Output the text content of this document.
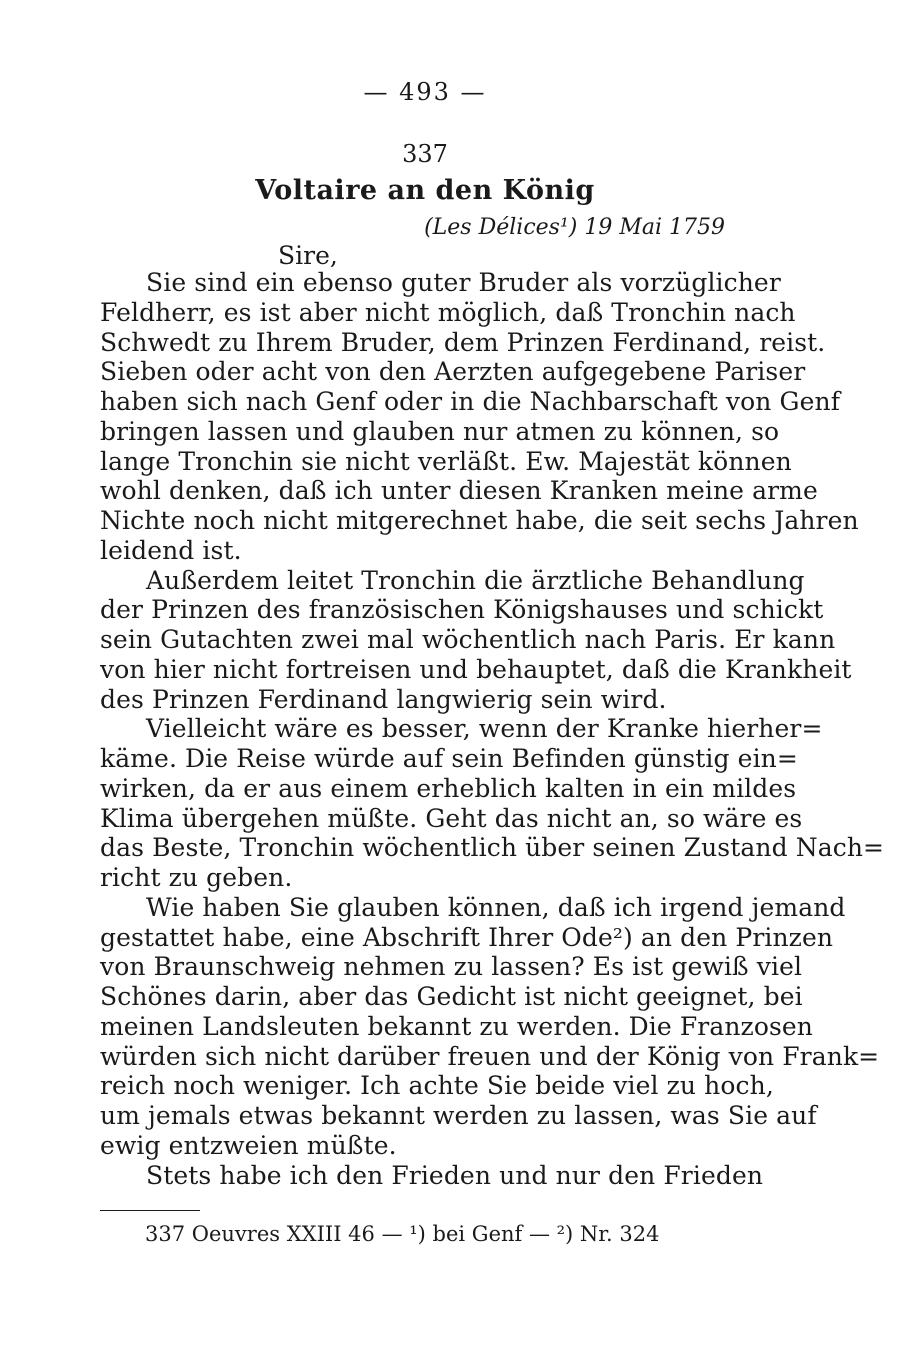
— 493 —
337
Voltaire an den König
(Les Délices¹) 19 Mai 1759
Sire,
Sie sind ein ebenso guter Bruder als vorzüglicher
Feldherr, es ist aber nicht möglich, daß Tronchin nach
Schwedt zu Ihrem Bruder, dem Prinzen Ferdinand, reist.
Sieben oder acht von den Aerzten aufgegebene Pariser
haben sich nach Genf oder in die Nachbarschaft von Genf
bringen lassen und glauben nur atmen zu können, so
lange Tronchin sie nicht verläßt. Ew. Majestät können
wohl denken, daß ich unter diesen Kranken meine arme
Nichte noch nicht mitgerechnet habe, die seit sechs Jahren
leidend ist.
Außerdem leitet Tronchin die ärztliche Behandlung
der Prinzen des französischen Königshauses und schickt
sein Gutachten zwei mal wöchentlich nach Paris. Er kann
von hier nicht fortreisen und behauptet, daß die Krankheit
des Prinzen Ferdinand langwierig sein wird.
Vielleicht wäre es besser, wenn der Kranke hierher=
käme. Die Reise würde auf sein Befinden günstig ein=
wirken, da er aus einem erheblich kalten in ein mildes
Klima übergehen müßte. Geht das nicht an, so wäre es
das Beste, Tronchin wöchentlich über seinen Zustand Nach=
richt zu geben.
Wie haben Sie glauben können, daß ich irgend jemand
gestattet habe, eine Abschrift Ihrer Ode²) an den Prinzen
von Braunschweig nehmen zu lassen? Es ist gewiß viel
Schönes darin, aber das Gedicht ist nicht geeignet, bei
meinen Landsleuten bekannt zu werden. Die Franzosen
würden sich nicht darüber freuen und der König von Frank=
reich noch weniger. Ich achte Sie beide viel zu hoch,
um jemals etwas bekannt werden zu lassen, was Sie auf
ewig entzweien müßte.
Stets habe ich den Frieden und nur den Frieden
337 Oeuvres XXIII 46 — ¹) bei Genf — ²) Nr. 324
